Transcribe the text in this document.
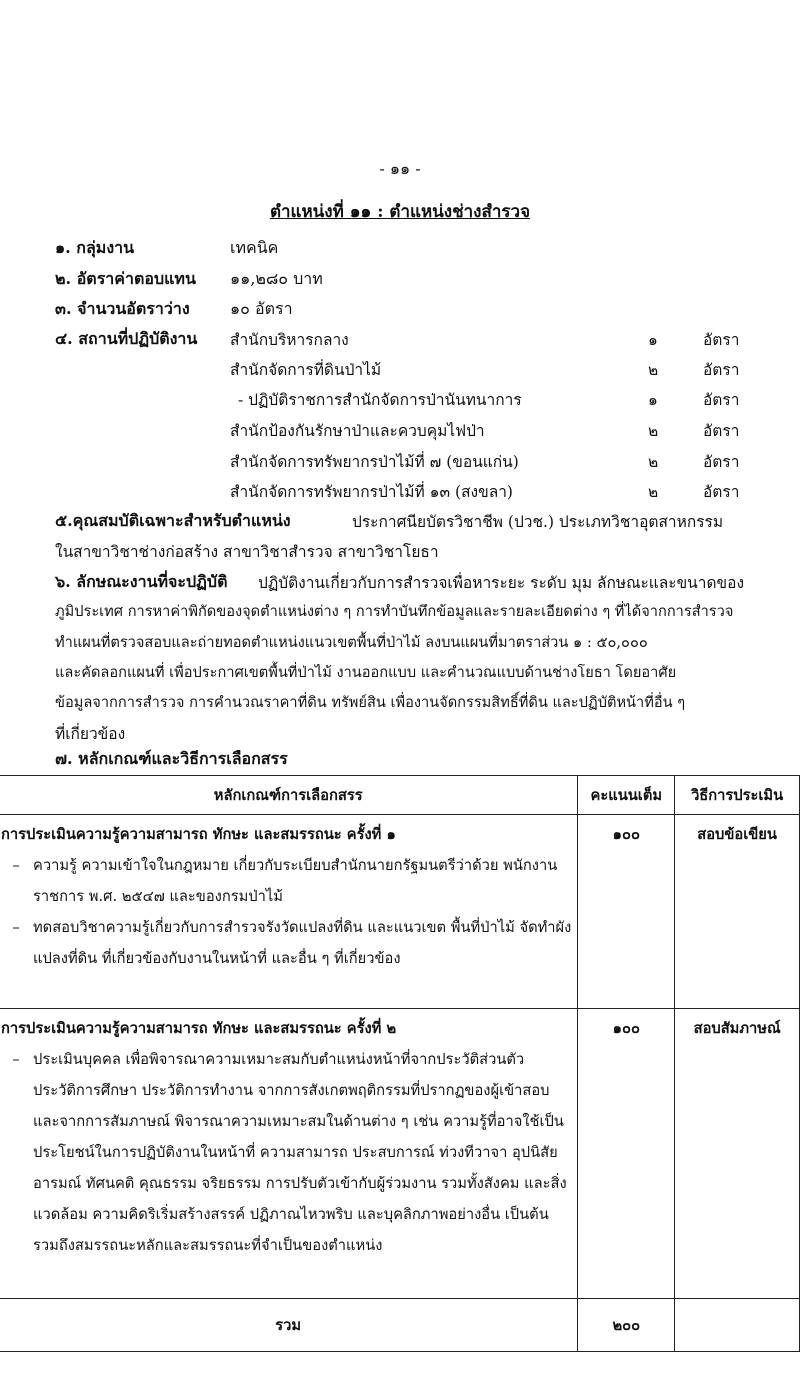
- ๑๑ -
ตำแหน่งที่ ๑๑ : ตำแหน่งช่างสำรวจ
๑. กลุ่มงาน	เทคนิค
๒. อัตราค่าตอบแทน ๑๑,๒๘๐ บาท
๓. จำนวนอัตราว่าง	๑๐ อัตรา
๔. สถานที่ปฏิบัติงาน สำนักบริหารกลาง	๑	อัตรา
สำนักจัดการที่ดินป่าไม้	๒	อัตรา
- ปฏิบัติราชการสำนักจัดการป่านันทนาการ	๑	อัตรา
สำนักป้องกันรักษาป่าและควบคุมไฟป่า	๒	อัตรา
สำนักจัดการทรัพยากรป่าไม้ที่ ๗ (ขอนแก่น)	๒	อัตรา
สำนักจัดการทรัพยากรป่าไม้ที่ ๑๓ (สงขลา)	๒	อัตรา
๕.คุณสมบัติเฉพาะสำหรับตำแหน่ง	ประกาศนียบัตรวิชาชีพ (ปวช.) ประเภทวิชาอุตสาหกรรม
ในสาขาวิชาช่างก่อสร้าง สาขาวิชาสำรวจ สาขาวิชาโยธา
๖. ลักษณะงานที่จะปฏิบัติ ปฏิบัติงานเกี่ยวกับการสำรวจเพื่อหาระยะ ระดับ มุม ลักษณะและขนาดของ
ภูมิประเทศ การหาค่าพิกัดของจุดตำแหน่งต่าง ๆ การทำบันทึกข้อมูลและรายละเอียดต่าง ๆ ที่ได้จากการสำรวจ
ทำแผนที่ตรวจสอบและถ่ายทอดตำแหน่งแนวเขตพื้นที่ป่าไม้ ลงบนแผนที่มาตราส่วน ๑ : ๕๐,๐๐๐
และคัดลอกแผนที่ เพื่อประกาศเขตพื้นที่ป่าไม้ งานออกแบบ และคำนวณแบบด้านช่างโยธา โดยอาศัย
ข้อมูลจากการสำรวจ การคำนวณราคาที่ดิน ทรัพย์สิน เพื่องานจัดกรรมสิทธิ์ที่ดิน และปฏิบัติหน้าที่อื่น ๆ
ที่เกี่ยวข้อง
๗. หลักเกณฑ์และวิธีการเลือกสรร
หลักเกณฑ์การเลือกสรร	คะแนนเต็ม	วิธีการประเมิน

การประเมินความรู้ความสามารถ ทักษะ และสมรรถนะ ครั้งที่ ๑
– ความรู้ ความเข้าใจในกฎหมาย เกี่ยวกับระเบียบสำนักนายกรัฐมนตรีว่าด้วย พนักงานราชการ พ.ศ. ๒๕๔๗ และของกรมป่าไม้
– ทดสอบวิชาความรู้เกี่ยวกับการสำรวจรังวัดแปลงที่ดิน และแนวเขต พื้นที่ป่าไม้ จัดทำผังแปลงที่ดิน ที่เกี่ยวข้องกับงานในหน้าที่ และอื่น ๆ ที่เกี่ยวข้อง	๑๐๐	สอบข้อเขียน

การประเมินความรู้ความสามารถ ทักษะ และสมรรถนะ ครั้งที่ ๒
– ประเมินบุคคล เพื่อพิจารณาความเหมาะสมกับตำแหน่งหน้าที่จากประวัติส่วนตัวประวัติการศึกษา ประวัติการทำงาน จากการสังเกตพฤติกรรมที่ปรากฏของผู้เข้าสอบและจากการสัมภาษณ์ พิจารณาความเหมาะสมในด้านต่าง ๆ เช่น ความรู้ที่อาจใช้เป็นประโยชน์ในการปฏิบัติงานในหน้าที่ ความสามารถ ประสบการณ์ ท่วงทีวาจา อุปนิสัย อารมณ์ ทัศนคติ คุณธรรม จริยธรรม การปรับตัวเข้ากับผู้ร่วมงาน รวมทั้งสังคม และสิ่งแวดล้อม ความคิดริเริ่มสร้างสรรค์ ปฏิภาณไหวพริบ และบุคลิกภาพอย่างอื่น เป็นต้น รวมถึงสมรรถนะหลักและสมรรถนะที่จำเป็นของตำแหน่ง	๑๐๐	สอบสัมภาษณ์

รวม	๒๐๐	
